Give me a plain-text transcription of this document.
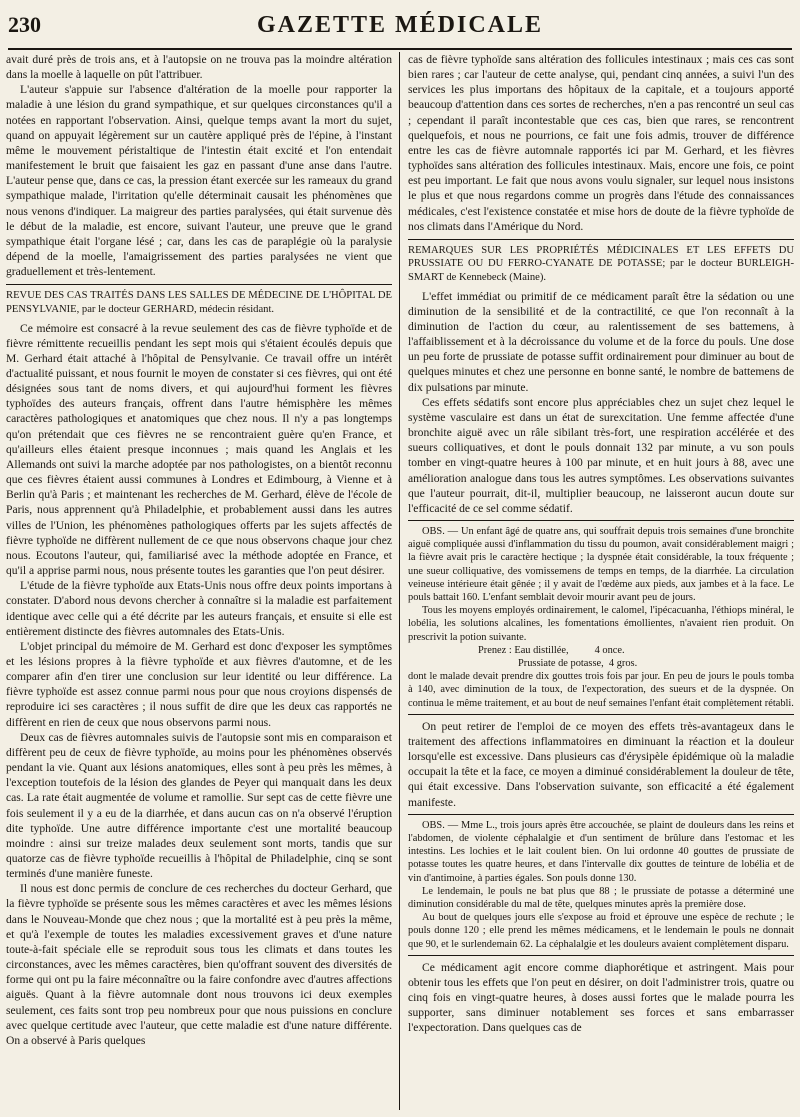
230	GAZETTE MÉDICALE

avait duré près de trois ans, et à l'autopsie on ne trouva pas la moindre altération dans la moelle à laquelle on pût l'attribuer.

L'auteur s'appuie sur l'absence d'altération de la moelle pour rapporter la maladie à une lésion du grand sympathique, et sur quelques circonstances qu'il a notées en rapportant l'observation. Ainsi, quelque temps avant la mort du sujet, quand on appuyait légèrement sur un cautère appliqué près de l'épine, à l'instant même le mouvement péristaltique de l'intestin était excité et l'on entendait manifestement le bruit que faisaient les gaz en passant d'une anse dans l'autre. L'auteur pense que, dans ce cas, la pression étant exercée sur les rameaux du grand sympathique malade, l'irritation qu'elle déterminait causait les phénomènes que nous venons d'indiquer. La maigreur des parties paralysées, qui était survenue dès le début de la maladie, est encore, suivant l'auteur, une preuve que le grand sympathique était l'organe lésé ; car, dans les cas de paraplégie où la paralysie dépend de la moelle, l'amaigrissement des parties paralysées ne vient que graduellement et très-lentement.

REVUE DES CAS TRAITÉS DANS LES SALLES DE MÉDECINE DE L'HÔPITAL DE PENSYLVANIE, par le docteur GERHARD, médecin résidant.

Ce mémoire est consacré à la revue seulement des cas de fièvre typhoïde et de fièvre rémittente recueillis pendant les sept mois qui s'étaient écoulés depuis que M. Gerhard était attaché à l'hôpital de Pensylvanie. Ce travail offre un intérêt d'actualité puissant, et nous fournit le moyen de constater si ces fièvres, qui ont été désignées sous tant de noms divers, et qui aujourd'hui forment les fièvres typhoïdes des auteurs français, offrent dans l'autre hémisphère les mêmes caractères pathologiques et anatomiques que chez nous. Il n'y a pas longtemps qu'on prétendait que ces fièvres ne se rencontraient guère qu'en France, et qu'ailleurs elles étaient presque inconnues ; mais quand les Anglais et les Allemands ont suivi la marche adoptée par nos pathologistes, on a bientôt reconnu que ces fièvres étaient aussi communes à Londres et Edimbourg, à Vienne et à Berlin qu'à Paris ; et maintenant les recherches de M. Gerhard, élève de l'école de Paris, nous apprennent qu'à Philadelphie, et probablement aussi dans les autres villes de l'Union, les phénomènes pathologiques offerts par les sujets affectés de fièvre typhoïde ne diffèrent nullement de ce que nous observons chaque jour chez nous. Ecoutons l'auteur, qui, familiarisé avec la méthode adoptée en France, et qu'il a apprise parmi nous, nous présente toutes les garanties que l'on peut désirer.

L'étude de la fièvre typhoïde aux Etats-Unis nous offre deux points importans à constater. D'abord nous devons chercher à connaître si la maladie est parfaitement identique avec celle qui a été décrite par les auteurs français, et ensuite si elle est entièrement distincte des fièvres automnales des Etats-Unis.

L'objet principal du mémoire de M. Gerhard est donc d'exposer les symptômes et les lésions propres à la fièvre typhoïde et aux fièvres d'automne, et de les comparer afin d'en tirer une conclusion sur leur identité ou leur différence. La fièvre typhoïde est assez connue parmi nous pour que nous croyions dispensés de reproduire ici ses caractères ; il nous suffit de dire que les deux cas rapportés ne diffèrent en rien de ceux que nous observons parmi nous.

Deux cas de fièvres automnales suivis de l'autopsie sont mis en comparaison et diffèrent peu de ceux de fièvre typhoïde, au moins pour les phénomènes observés pendant la vie. Quant aux lésions anatomiques, elles sont à peu près les mêmes, à l'exception toutefois de la lésion des glandes de Peyer qui manquait dans les deux cas. La rate était augmentée de volume et ramollie. Sur sept cas de cette fièvre une fois seulement il y a eu de la diarrhée, et dans aucun cas on n'a observé l'éruption dite typhoïde. Une autre différence importante c'est une mortalité beaucoup moindre : ainsi sur treize malades deux seulement sont morts, tandis que sur quatorze cas de fièvre typhoïde recueillis à l'hôpital de Philadelphie, cinq se sont terminés d'une manière funeste.

Il nous est donc permis de conclure de ces recherches du docteur Gerhard, que la fièvre typhoïde se présente sous les mêmes caractères et avec les mêmes lésions dans le Nouveau-Monde que chez nous ; que la mortalité est à peu près la même, et qu'à l'exemple de toutes les maladies excessivement graves et d'une nature toute-à-fait spéciale elle se reproduit sous tous les climats et dans toutes les circonstances, avec les mêmes caractères, bien qu'offrant souvent des diversités de forme qui ont pu la faire méconnaître ou la faire confondre avec d'autres affections aiguës. Quant à la fièvre automnale dont nous trouvons ici deux exemples seulement, ces faits sont trop peu nombreux pour que nous puissions en conclure avec quelque certitude avec l'auteur, que cette maladie est d'une nature différente. On a observé à Paris quelques

cas de fièvre typhoïde sans altération des follicules intestinaux ; mais ces cas sont bien rares ; car l'auteur de cette analyse, qui, pendant cinq années, a suivi l'un des services les plus importans des hôpitaux de la capitale, et a toujours apporté beaucoup d'attention dans ces sortes de recherches, n'en a pas rencontré un seul cas ; cependant il paraît incontestable que ces cas, bien que rares, se rencontrent quelquefois, et nous ne pourrions, ce fait une fois admis, trouver de différence entre les cas de fièvre automnale rapportés ici par M. Gerhard, et les fièvres typhoïdes sans altération des follicules intestinaux. Mais, encore une fois, ce point est peu important. Le fait que nous avons voulu signaler, sur lequel nous insistons le plus et que nous regardons comme un progrès dans l'étude des connaissances médicales, c'est l'existence constatée et mise hors de doute de la fièvre typhoïde de nos climats dans l'Amérique du Nord.

REMARQUES SUR LES PROPRIÉTÉS MÉDICINALES ET LES EFFETS DU PRUSSIATE OU DU FERRO-CYANATE DE POTASSE; par le docteur BURLEIGH-SMART de Kennebeck (Maine).

L'effet immédiat ou primitif de ce médicament paraît être la sédation ou une diminution de la sensibilité et de la contractilité, ce que l'on reconnaît à la diminution de l'action du cœur, au ralentissement de ses battemens, à l'affaiblissement et à la décroissance du volume et de la force du pouls. Une dose un peu forte de prussiate de potasse suffit ordinairement pour diminuer au bout de quelques minutes et chez une personne en bonne santé, le nombre de battemens de dix pulsations par minute.

Ces effets sédatifs sont encore plus appréciables chez un sujet chez lequel le système vasculaire est dans un état de surexcitation. Une femme affectée d'une bronchite aiguë avec un râle sibilant très-fort, une respiration accélérée et des sueurs colliquatives, et dont le pouls donnait 132 par minute, a vu son pouls tomber en vingt-quatre heures à 100 par minute, et en huit jours à 88, avec une amélioration analogue dans tous les autres symptômes. Les observations suivantes que l'auteur pourrait, dit-il, multiplier beaucoup, ne laisseront aucun doute sur l'efficacité de ce sel comme sédatif.

OBS. — Un enfant âgé de quatre ans, qui souffrait depuis trois semaines d'une bronchite aiguë compliquée aussi d'inflammation du tissu du poumon, avait considérablement maigri ; la fièvre avait pris le caractère hectique ; la dyspnée était considérable, la toux fréquente ; une sueur colliquative, des vomissemens de temps en temps, de la diarrhée. La circulation veineuse intérieure était gênée ; il y avait de l'œdème aux pieds, aux jambes et à la face. Le pouls battait 160. L'enfant semblait devoir mourir avant peu de jours.

Tous les moyens employés ordinairement, le calomel, l'ipécacuanha, l'éthiops minéral, le lobélia, les solutions alcalines, les fomentations émollientes, n'avaient rien produit. On prescrivit la potion suivante.

Prenez : Eau distillée,          4 once.
Prussiate de potasse,  4 gros.

dont le malade devait prendre dix gouttes trois fois par jour. En peu de jours le pouls tomba à 140, avec diminution de la toux, de l'expectoration, des sueurs et de la dyspnée. On continua le même traitement, et au bout de neuf semaines l'enfant était complètement rétabli.

On peut retirer de l'emploi de ce moyen des effets très-avantageux dans le traitement des affections inflammatoires en diminuant la réaction et la douleur lorsqu'elle est excessive. Dans plusieurs cas d'érysipèle épidémique où la maladie occupait la tête et la face, ce moyen a diminué considérablement la douleur de tête, qui était excessive. Dans l'observation suivante, son efficacité a été également manifeste.

OBS. — Mme L., trois jours après être accouchée, se plaint de douleurs dans les reins et l'abdomen, de violente céphalalgie et d'un sentiment de brûlure dans l'estomac et les intestins. Les lochies et le lait coulent bien. On lui ordonne 40 gouttes de prussiate de potasse toutes les quatre heures, et dans l'intervalle dix gouttes de teinture de lobélia et de vin d'antimoine, à parties égales. Son pouls donne 130.

Le lendemain, le pouls ne bat plus que 88 ; le prussiate de potasse a déterminé une diminution considérable du mal de tête, quelques minutes après la première dose.

Au bout de quelques jours elle s'expose au froid et éprouve une espèce de rechute ; le pouls donne 120 ; elle prend les mêmes médicamens, et le lendemain le pouls ne donnait que 90, et le surlendemain 62. La céphalalgie et les douleurs avaient complètement disparu.

Ce médicament agit encore comme diaphorétique et astringent. Mais pour obtenir tous les effets que l'on peut en désirer, on doit l'administrer trois, quatre ou cinq fois en vingt-quatre heures, à doses aussi fortes que le malade pourra les supporter, sans diminuer notablement ses forces et sans embarrasser l'expectoration. Dans quelques cas de
